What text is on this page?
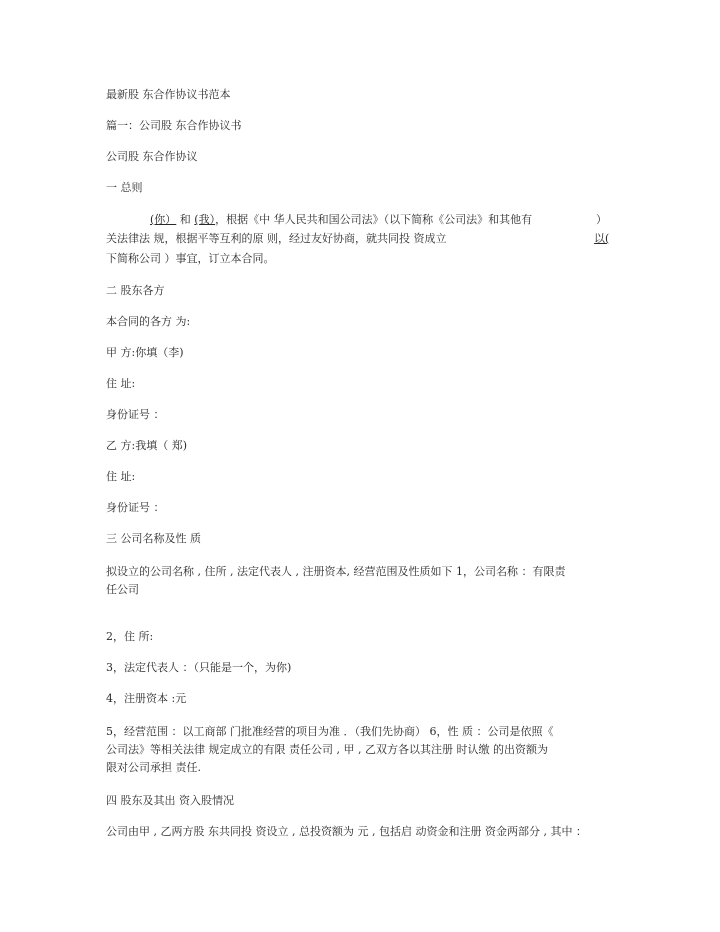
最新股 东合作协议书范本
篇一：公司股 东合作协议书
公司股 东合作协议
一 总则
(你） 和 (我），根据《中 华人民共和国公司法》（以下简称《公司法》和其他有	）
关法律法 规，根据平等互利的原 则，经过友好协商，就共同投 资成立	以(
下简称公司 ）事宜，订立本合同。
二 股东各方
本合同的各方 为:
甲 方:你填（李)
住 址:
身份证号 ：
乙 方:我填（ 郑)
住 址:
身份证号 ：
三 公司名称及性 质
拟设立的公司名称 , 住所 , 法定代表人 , 注册资本, 经营范围及性质如下 1，公司名称 ：有限责
任公司
2，住 所:
3，法定代表人 ：（只能是一个，为你)
4，注册资本 :元
5，经营范围 ：以工商部 门批准经营的项目为准 ．（我们先协商） 6，性 质 ：公司是依照《
公司法》等相关法律 规定成立的有限 责任公司 , 甲 , 乙双方各以其注册 时认缴 的出资额为
限对公司承担 责任.
四 股东及其出 资入股情况
公司由甲 , 乙两方股 东共同投 资设立 , 总投资额为 元 , 包括启 动资金和注册 资金两部分 , 其中 ：
